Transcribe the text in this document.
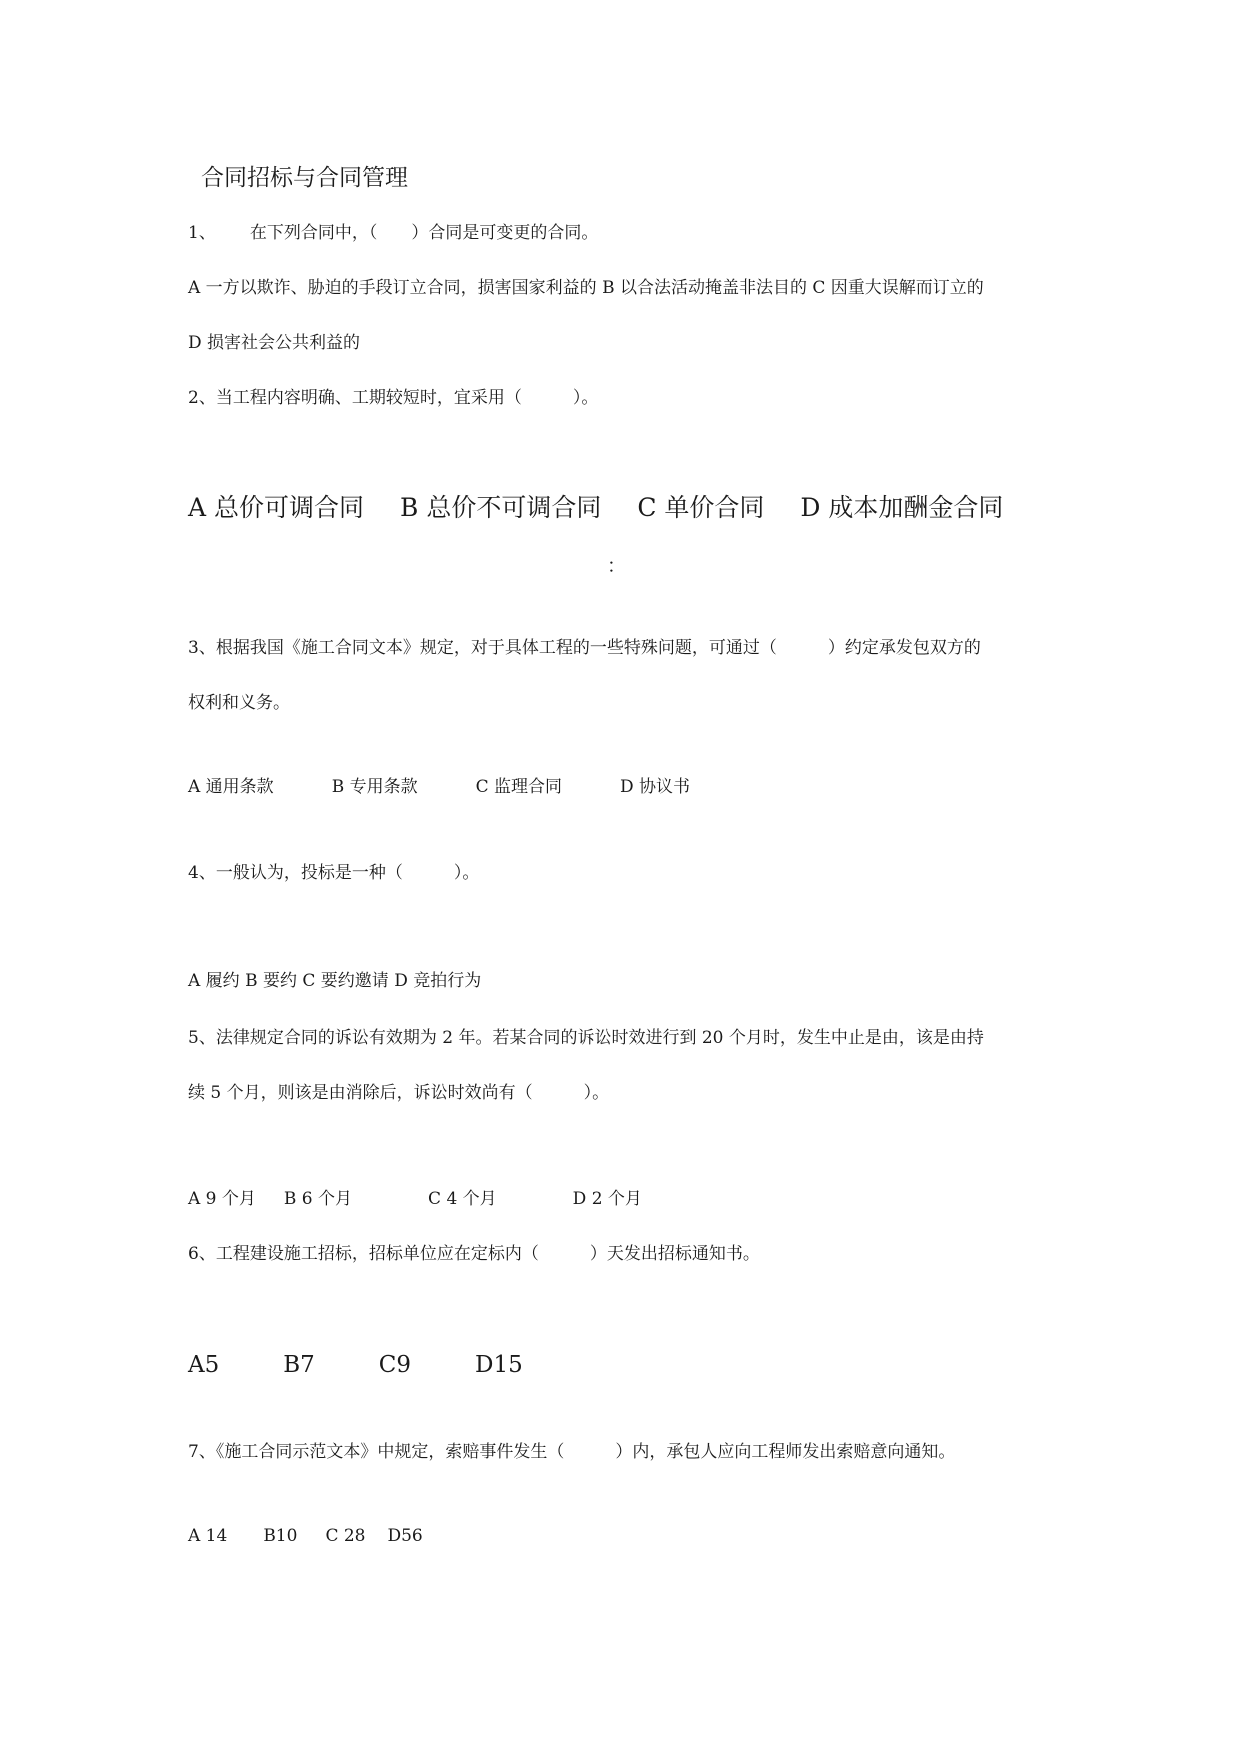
合同招标与合同管理
1、 在下列合同中，（　　）合同是可变更的合同。
A 一方以欺诈、胁迫的手段订立合同，损害国家利益的 B 以合法活动掩盖非法目的 C 因重大误解而订立的
D 损害社会公共利益的
2、当工程内容明确、工期较短时，宜采用（　　　）。
A 总价可调合同 B 总价不可调合同 C 单价合同 D 成本加酬金合同
：
3、根据我国《施工合同文本》规定，对于具体工程的一些特殊问题，可通过（　　　）约定承发包双方的
权利和义务。
A 通用条款	B 专用条款	C 监理合同	D 协议书
4、一般认为，投标是一种（　　　）。
A 履约 B 要约 C 要约邀请 D 竞拍行为
5、法律规定合同的诉讼有效期为 2 年。若某合同的诉讼时效进行到 20 个月时，发生中止是由，该是由持
续 5 个月，则该是由消除后，诉讼时效尚有（　　　）。
A 9 个月 B 6 个月	C 4 个月	D 2 个月
6、工程建设施工招标，招标单位应在定标内（　　　）天发出招标通知书。
A5	B7	C9	D15
7、《施工合同示范文本》中规定，索赔事件发生（　　　）内，承包人应向工程师发出索赔意向通知。
A 14 B10 C 28 D56
